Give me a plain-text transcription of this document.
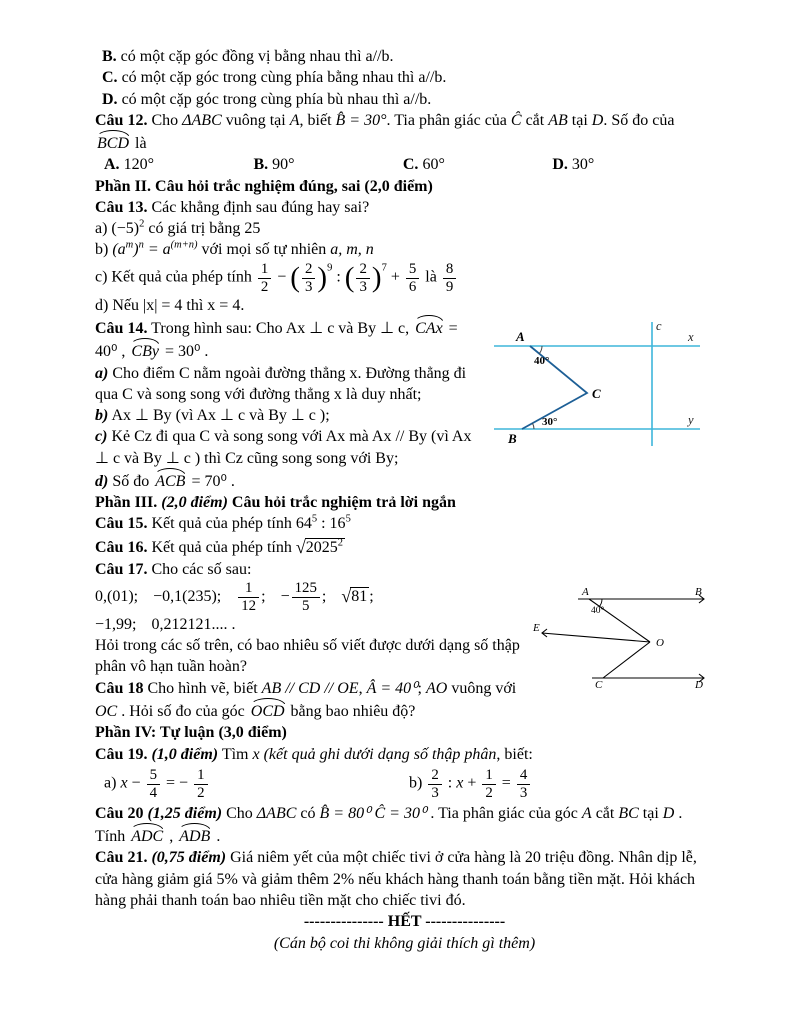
B. có một cặp góc đồng vị bằng nhau thì a//b.

C. có một cặp góc trong cùng phía bằng nhau thì a//b.

D. có một cặp góc trong cùng phía bù nhau thì a//b.

Câu 12. Cho ΔABC vuông tại A, biết B̂ = 30°. Tia phân giác của Ĉ cắt AB tại D. Số đo của BCD là

A. 120°	B. 90°	C. 60°	D. 30°

Phần II. Câu hỏi trắc nghiệm đúng, sai (2,0 điểm)

Câu 13. Các khẳng định sau đúng hay sai?

a) $(-5)^2$ có giá trị bằng 25

b) $(a^m)^n = a^{(m+n)}$ với mọi số tự nhiên a, m, n

c) Kết quả của phép tính $\frac{1}{2}$ − ( $\frac{2}{3} )^9$ : ( $\frac{2}{3} )^7 + \frac{5}{6}$ là $\frac{8}{9}$

d) Nếu |x| = 4 thì x = 4.

A
40°
C
B
30°
c
x
y

Câu 14. Trong hình sau: Cho Ax ⊥ c và By ⊥ c, CAx = 40⁰ , CBy = 30⁰ .

a) Cho điểm C nằm ngoài đường thẳng x. Đường thẳng đi qua C và song song với đường thẳng x là duy nhất;

b) Ax ⊥ By (vì Ax ⊥ c và By ⊥ c );

c) Kẻ Cz đi qua C và song song với Ax mà Ax // By (vì Ax ⊥ c và By ⊥ c ) thì Cz cũng song song với By;

d) Số đo ACB = 70⁰ .

Phần III. (2,0 điểm) Câu hỏi trắc nghiệm trả lời ngắn

Câu 15. Kết quả của phép tính $64^5$ : $16^5$

Câu 16. Kết quả của phép tính √2025$^2$

Câu 17. Cho các số sau:

A	B
40°
E
O
C	D

0,(01); −0,1(235); $\frac{1}{12}$ ; − $\frac{125}{5}$ ; √81 ;−1,99; 0,212121.... .

Hỏi trong các số trên, có bao nhiêu số viết được dưới dạng số thập phân vô hạn tuần hoàn?

Câu 18 Cho hình vẽ, biết AB // CD // OE, Â = 40⁰; AO vuông với OC . Hỏi số đo của góc OCD bằng bao nhiêu độ?

Phần IV: Tự luận (3,0 điểm)

Câu 19. (1,0 điểm) Tìm x (kết quả ghi dưới dạng số thập phân, biết:

a) $x - \frac{5}{4}$ = − $\frac{1}{2}$	$b) \frac{2}{3}$ : $x + \frac{1}{2} = \frac{4}{3}$

Câu 20 (1,25 điểm) Cho ΔABC có B̂ = 80⁰ Ĉ = 30⁰ . Tia phân giác của góc A cắt BC tại D . Tính ADC , ADB .

Câu 21. (0,75 điểm) Giá niêm yết của một chiếc tivi ở cửa hàng là 20 triệu đồng. Nhân dịp lễ, cửa hàng giảm giá 5% và giảm thêm 2% nếu khách hàng thanh toán bằng tiền mặt. Hỏi khách hàng phải thanh toán bao nhiêu tiền mặt cho chiếc tivi đó.

--------------- HẾT ---------------

(Cán bộ coi thi không giải thích gì thêm)
